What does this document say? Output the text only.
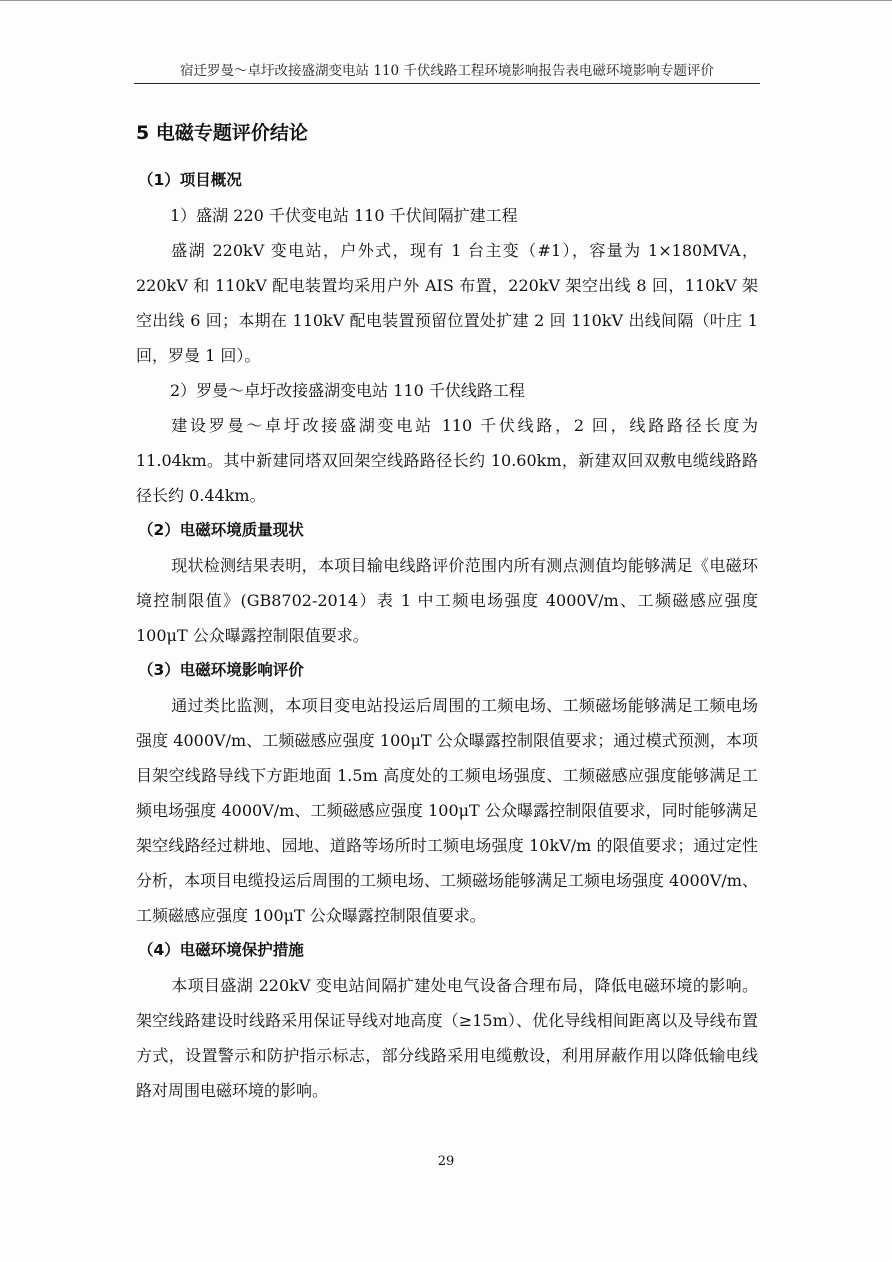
宿迁罗曼～卓圩改接盛湖变电站 110 千伏线路工程环境影响报告表电磁环境影响专题评价
5 电磁专题评价结论

（1）项目概况

1）盛湖 220 千伏变电站 110 千伏间隔扩建工程

盛湖 220kV 变电站，户外式，现有 1 台主变（#1），容量为 1×180MVA，220kV 和 110kV 配电装置均采用户外 AIS 布置，220kV 架空出线 8 回，110kV 架空出线 6 回；本期在 110kV 配电装置预留位置处扩建 2 回 110kV 出线间隔（叶庄 1 回，罗曼 1 回）。

2）罗曼～卓圩改接盛湖变电站 110 千伏线路工程

建设罗曼～卓圩改接盛湖变电站 110 千伏线路，2 回，线路路径长度为 11.04km。其中新建同塔双回架空线路路径长约 10.60km，新建双回双敷电缆线路路径长约 0.44km。

（2）电磁环境质量现状

现状检测结果表明，本项目输电线路评价范围内所有测点测值均能够满足《电磁环境控制限值》(GB8702-2014）表 1 中工频电场强度 4000V/m、工频磁感应强度 100μT 公众曝露控制限值要求。

（3）电磁环境影响评价

通过类比监测，本项目变电站投运后周围的工频电场、工频磁场能够满足工频电场强度 4000V/m、工频磁感应强度 100μT 公众曝露控制限值要求；通过模式预测，本项目架空线路导线下方距地面 1.5m 高度处的工频电场强度、工频磁感应强度能够满足工频电场强度 4000V/m、工频磁感应强度 100μT 公众曝露控制限值要求，同时能够满足架空线路经过耕地、园地、道路等场所时工频电场强度 10kV/m 的限值要求；通过定性分析，本项目电缆投运后周围的工频电场、工频磁场能够满足工频电场强度 4000V/m、工频磁感应强度 100μT 公众曝露控制限值要求。

（4）电磁环境保护措施

本项目盛湖 220kV 变电站间隔扩建处电气设备合理布局，降低电磁环境的影响。架空线路建设时线路采用保证导线对地高度（≥15m）、优化导线相间距离以及导线布置方式，设置警示和防护指示标志，部分线路采用电缆敷设，利用屏蔽作用以降低输电线路对周围电磁环境的影响。

29
